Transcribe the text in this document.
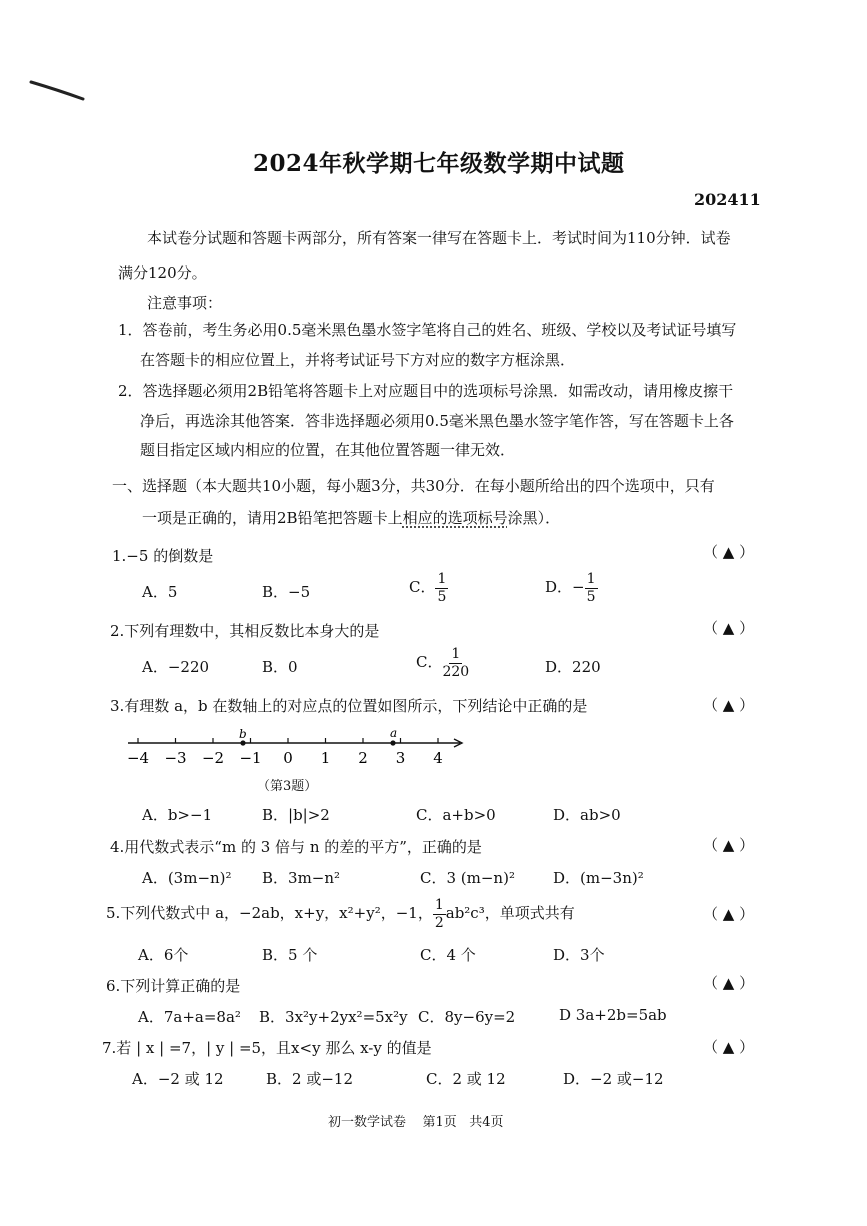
2024年秋学期七年级数学期中试题
202411
本试卷分试题和答题卡两部分，所有答案一律写在答题卡上．考试时间为110分钟．试卷
满分120分。
注意事项：
1．答卷前，考生务必用0.5毫米黑色墨水签字笔将自己的姓名、班级、学校以及考试证号填写
在答题卡的相应位置上，并将考试证号下方对应的数字方框涂黑．
2．答选择题必须用2B铅笔将答题卡上对应题目中的选项标号涂黑．如需改动，请用橡皮擦干
净后，再选涂其他答案．答非选择题必须用0.5毫米黑色墨水签字笔作答，写在答题卡上各
题目指定区域内相应的位置，在其他位置答题一律无效．
一、选择题（本大题共10小题，每小题3分，共30分．在每小题所给出的四个选项中，只有
一项是正确的，请用2B铅笔把答题卡上相应的选项标号涂黑）．
1.−5 的倒数是	（ ▲ ）
A．5	B．−5	C． $\frac{1}{5}$	D．− $\frac{1}{5}$
2.下列有理数中，其相反数比本身大的是	（ ▲ ）
A．−220	B．0	C． $\frac{1}{220}$	D．220
3.有理数 a，b 在数轴上的对应点的位置如图所示，下列结论中正确的是	（ ▲ ）
−4 −3 −2 −1 0 1 2 3 4
b	a
（第3题）
A．b>−1	B．|b|>2	C．a+b>0	D．ab>0
4.用代数式表示“m 的 3 倍与 n 的差的平方”，正确的是	（ ▲ ）
A．(3m−n)² B．3m−n²	C．3 (m−n)²	D．(m−3n)²
5.下列代数式中 a，−2ab，x+y，x²+y²，−1， $\frac{1}{2} ab^2c^3$，单项式共有	（ ▲ ）
A．6个	B．5 个	C．4 个	D．3个
6.下列计算正确的是	（ ▲ ）
A．7a+a=8a² B．3x²y+2yx²=5x²y C．8y−6y=2	D 3a+2b=5ab
7.若 | x | =7，| y | =5，且x<y 那么 x-y 的值是	（ ▲ ）
A．−2 或 12	B．2 或−12	C．2 或 12	D．−2 或−12
初一数学试卷    第1页   共4页
